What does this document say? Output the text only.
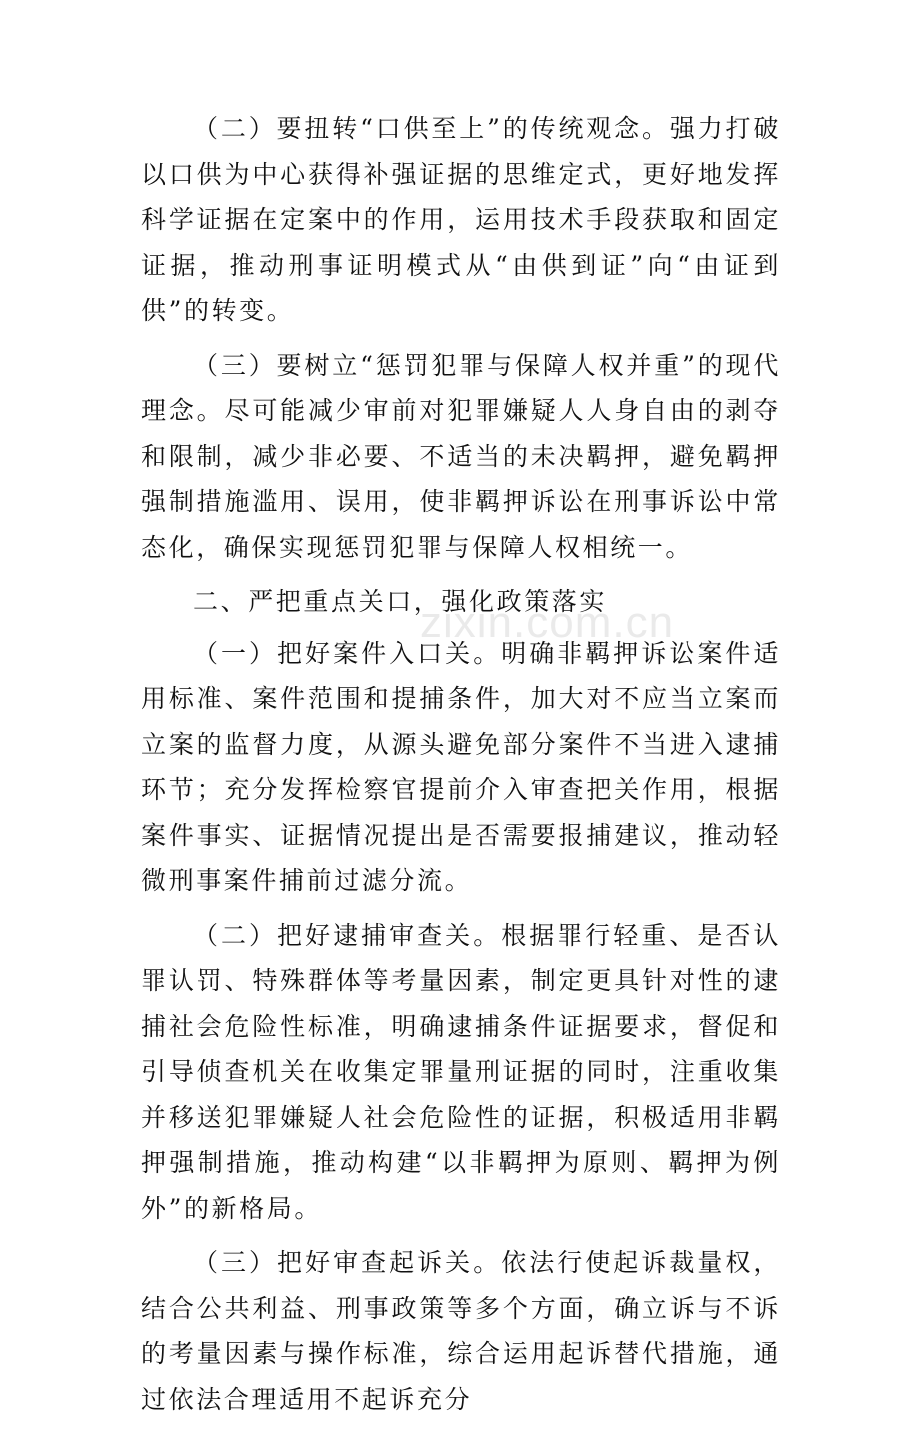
zixin.com.cn

（二）要扭转“口供至上”的传统观念。强力打破以口供为中心获得补强证据的思维定式，更好地发挥科学证据在定案中的作用，运用技术手段获取和固定证据，推动刑事证明模式从“由供到证”向“由证到供”的转变。

（三）要树立“惩罚犯罪与保障人权并重”的现代理念。尽可能减少审前对犯罪嫌疑人人身自由的剥夺和限制，减少非必要、不适当的未决羁押，避免羁押强制措施滥用、误用，使非羁押诉讼在刑事诉讼中常态化，确保实现惩罚犯罪与保障人权相统一。

二、严把重点关口，强化政策落实

（一）把好案件入口关。明确非羁押诉讼案件适用标准、案件范围和提捕条件，加大对不应当立案而立案的监督力度，从源头避免部分案件不当进入逮捕环节；充分发挥检察官提前介入审查把关作用，根据案件事实、证据情况提出是否需要报捕建议，推动轻微刑事案件捕前过滤分流。

（二）把好逮捕审查关。根据罪行轻重、是否认罪认罚、特殊群体等考量因素，制定更具针对性的逮捕社会危险性标准，明确逮捕条件证据要求，督促和引导侦查机关在收集定罪量刑证据的同时，注重收集并移送犯罪嫌疑人社会危险性的证据，积极适用非羁押强制措施，推动构建“以非羁押为原则、羁押为例外”的新格局。

（三）把好审查起诉关。依法行使起诉裁量权，结合公共利益、刑事政策等多个方面，确立诉与不诉的考量因素与操作标准，综合运用起诉替代措施，通过依法合理适用不起诉充分
